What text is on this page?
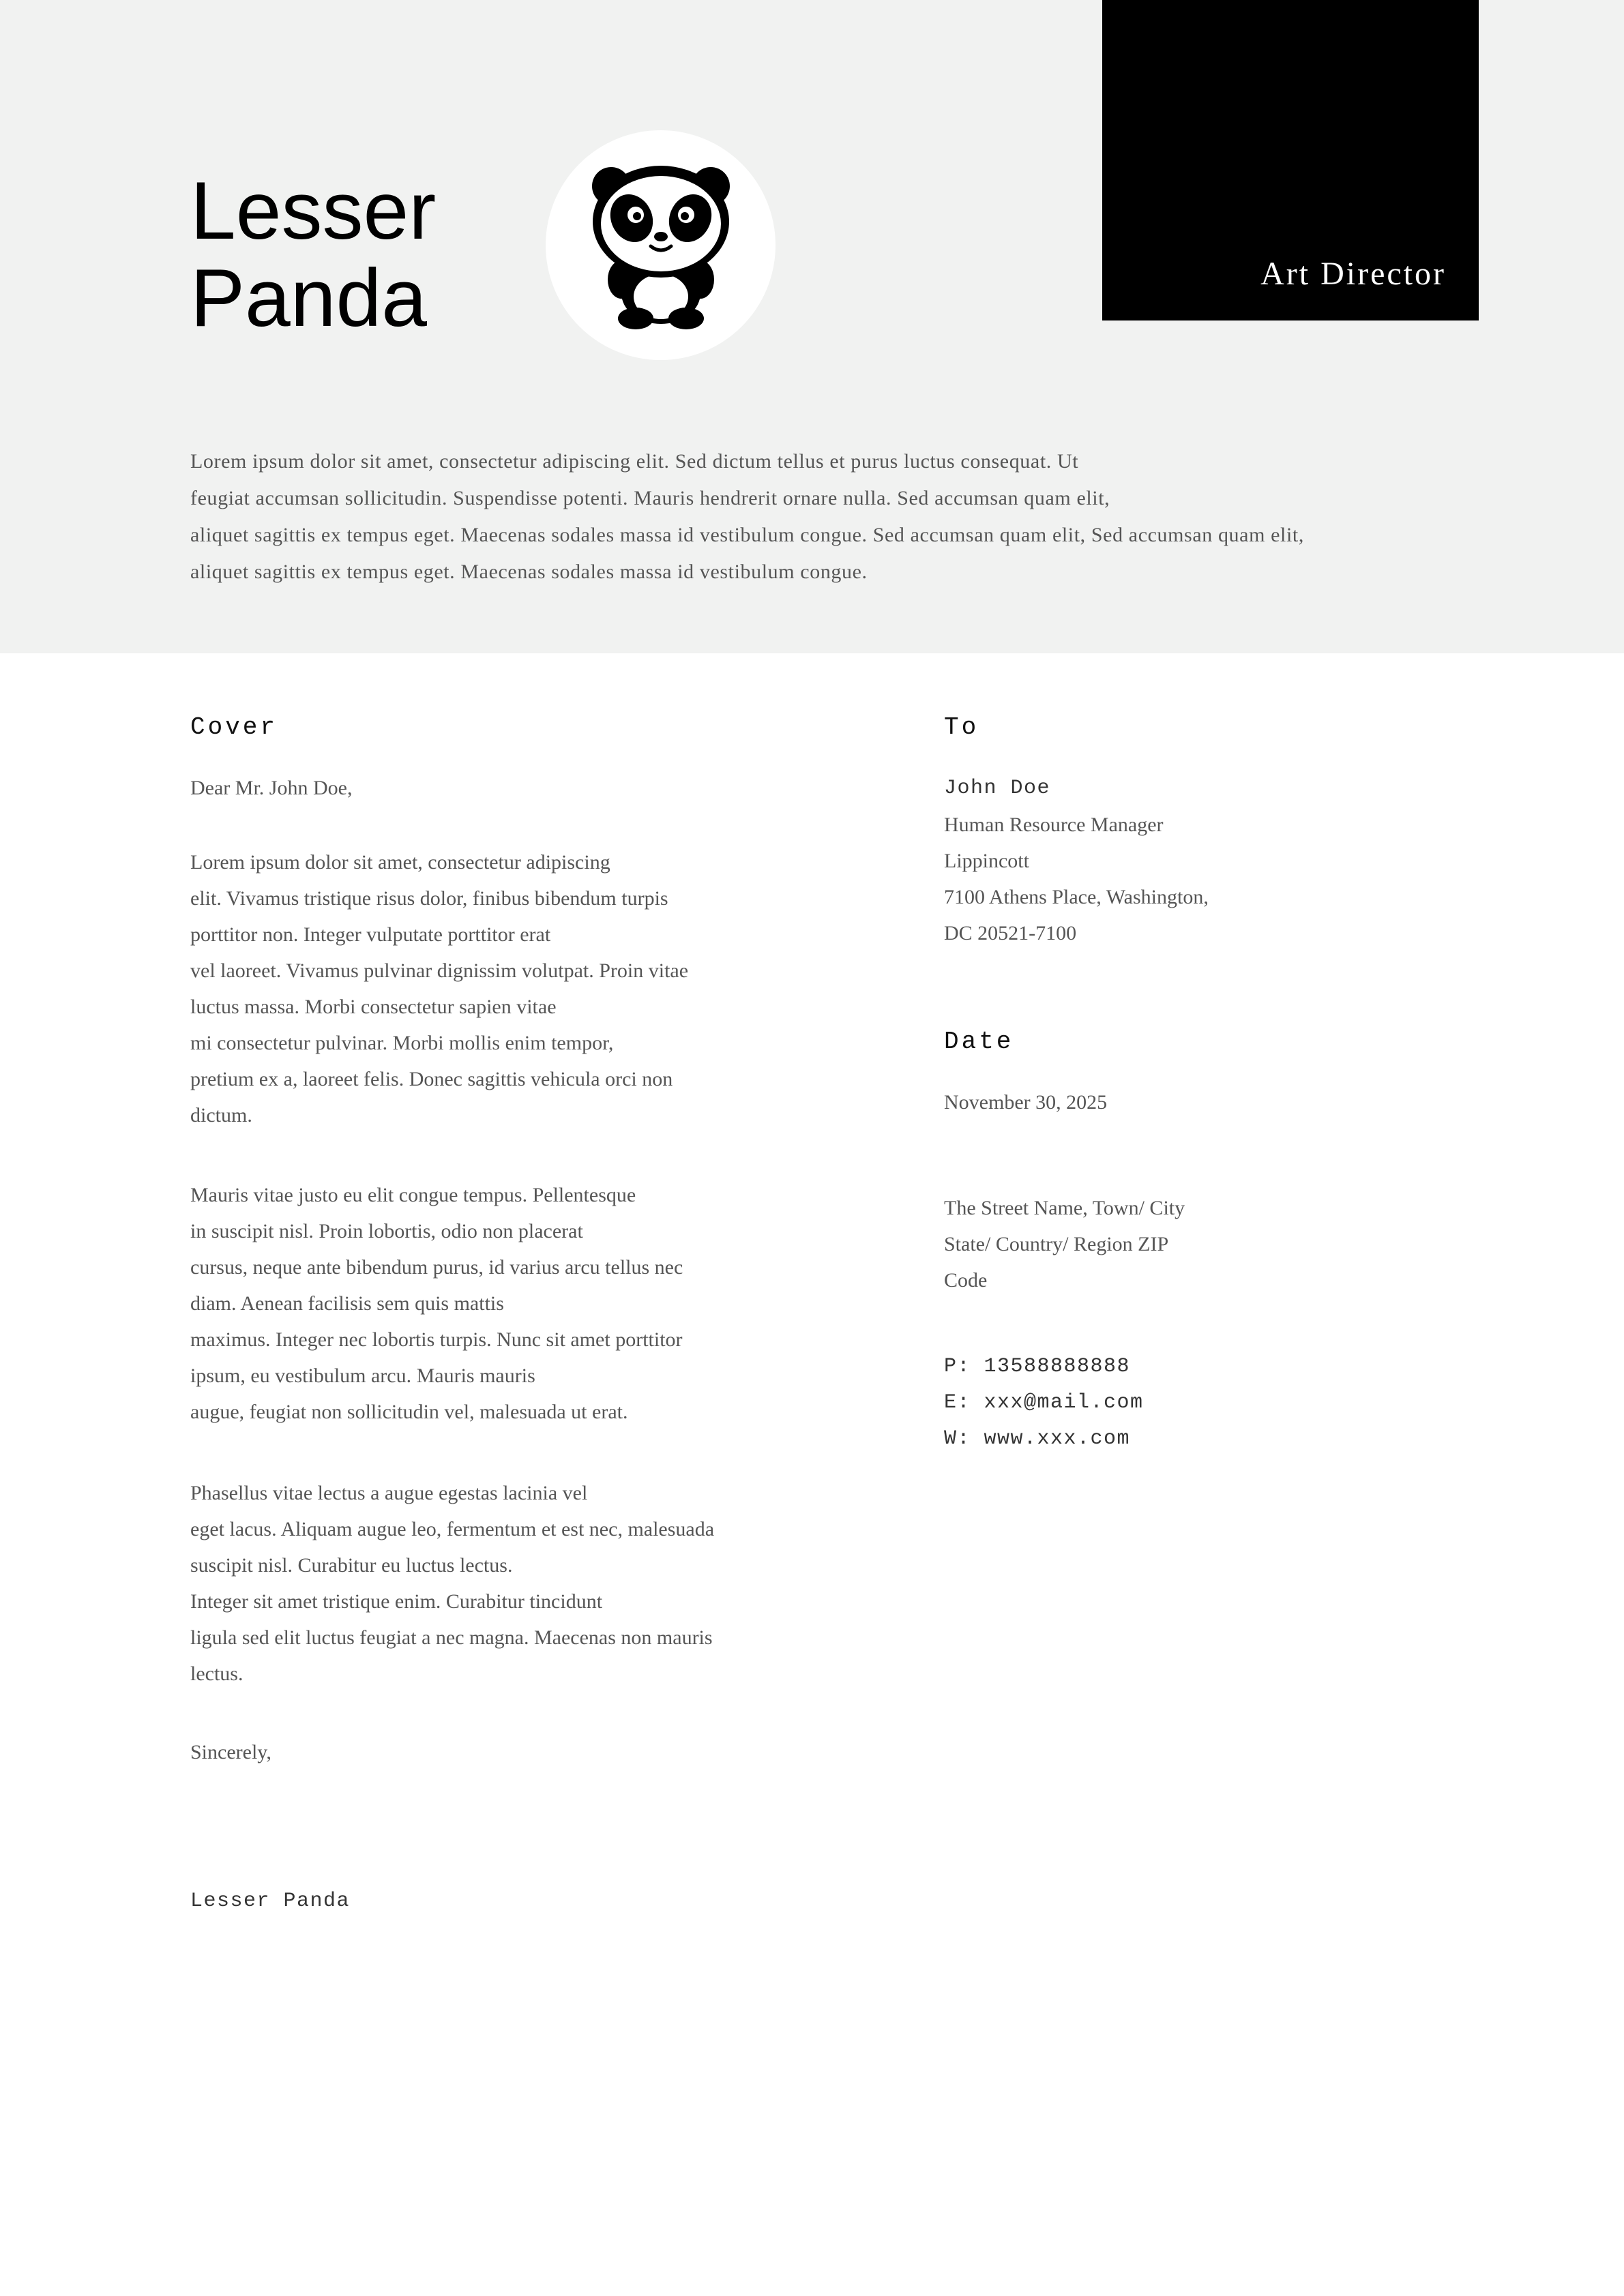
Lesser
Panda	Art Director

Lorem ipsum dolor sit amet, consectetur adipiscing elit. Sed dictum tellus et purus luctus consequat. Ut

feugiat accumsan sollicitudin. Suspendisse potenti. Mauris hendrerit ornare nulla. Sed accumsan quam elit,

aliquet sagittis ex tempus eget. Maecenas sodales massa id vestibulum congue. Sed accumsan quam elit, Sed accumsan quam elit,

aliquet sagittis ex tempus eget. Maecenas sodales massa id vestibulum congue.

Cover

Dear Mr. John Doe,

Lorem ipsum dolor sit amet, consectetur adipiscing
elit. Vivamus tristique risus dolor, finibus bibendum turpis
porttitor non. Integer vulputate porttitor erat
vel laoreet. Vivamus pulvinar dignissim volutpat. Proin vitae
luctus massa. Morbi consectetur sapien vitae
mi consectetur pulvinar. Morbi mollis enim tempor,
pretium ex a, laoreet felis. Donec sagittis vehicula orci non
dictum.

Mauris vitae justo eu elit congue tempus. Pellentesque
in suscipit nisl. Proin lobortis, odio non placerat
cursus, neque ante bibendum purus, id varius arcu tellus nec
diam. Aenean facilisis sem quis mattis
maximus. Integer nec lobortis turpis. Nunc sit amet porttitor
ipsum, eu vestibulum arcu. Mauris mauris
augue, feugiat non sollicitudin vel, malesuada ut erat.

Phasellus vitae lectus a augue egestas lacinia vel
eget lacus. Aliquam augue leo, fermentum et est nec, malesuada
suscipit nisl. Curabitur eu luctus lectus.
Integer sit amet tristique enim. Curabitur tincidunt
ligula sed elit luctus feugiat a nec magna. Maecenas non mauris
lectus.

Sincerely,

Lesser Panda

To
John Doe
Human Resource Manager
Lippincott
7100 Athens Place, Washington,
DC 20521-7100
Date
November 30, 2025
The Street Name, Town/ City
State/ Country/ Region ZIP
Code
P: 13588888888
E: xxx@mail.com
W: www.xxx.com
